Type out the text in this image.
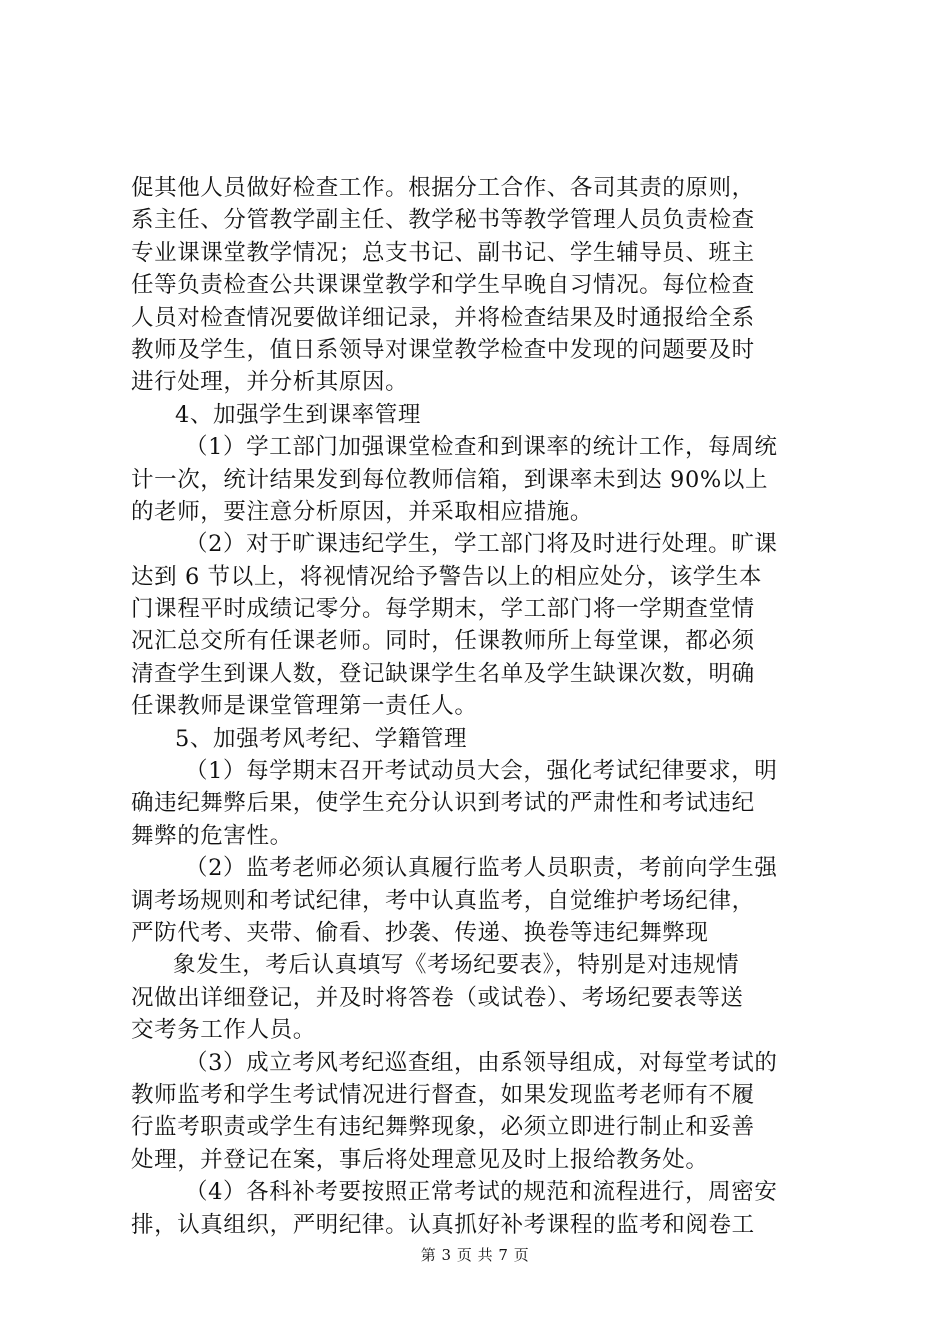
促其他人员做好检查工作。根据分工合作、各司其责的原则，
系主任、分管教学副主任、教学秘书等教学管理人员负责检查
专业课课堂教学情况；总支书记、副书记、学生辅导员、班主
任等负责检查公共课课堂教学和学生早晚自习情况。每位检查
人员对检查情况要做详细记录，并将检查结果及时通报给全系
教师及学生，值日系领导对课堂教学检查中发现的问题要及时
进行处理，并分析其原因。
4、加强学生到课率管理
（1）学工部门加强课堂检查和到课率的统计工作，每周统
计一次，统计结果发到每位教师信箱，到课率未到达 90%以上
的老师，要注意分析原因，并采取相应措施。
（2）对于旷课违纪学生，学工部门将及时进行处理。旷课
达到 6 节以上，将视情况给予警告以上的相应处分，该学生本
门课程平时成绩记零分。每学期末，学工部门将一学期查堂情
况汇总交所有任课老师。同时，任课教师所上每堂课，都必须
清查学生到课人数，登记缺课学生名单及学生缺课次数，明确
任课教师是课堂管理第一责任人。
5、加强考风考纪、学籍管理
（1）每学期末召开考试动员大会，强化考试纪律要求，明
确违纪舞弊后果，使学生充分认识到考试的严肃性和考试违纪
舞弊的危害性。
（2）监考老师必须认真履行监考人员职责，考前向学生强
调考场规则和考试纪律，考中认真监考，自觉维护考场纪律，
严防代考、夹带、偷看、抄袭、传递、换卷等违纪舞弊现
象发生，考后认真填写《考场纪要表》，特别是对违规情
况做出详细登记，并及时将答卷（或试卷）、考场纪要表等送
交考务工作人员。
（3）成立考风考纪巡查组，由系领导组成，对每堂考试的
教师监考和学生考试情况进行督查，如果发现监考老师有不履
行监考职责或学生有违纪舞弊现象，必须立即进行制止和妥善
处理，并登记在案，事后将处理意见及时上报给教务处。
（4）各科补考要按照正常考试的规范和流程进行，周密安
排，认真组织，严明纪律。认真抓好补考课程的监考和阅卷工
第 3 页 共 7 页
